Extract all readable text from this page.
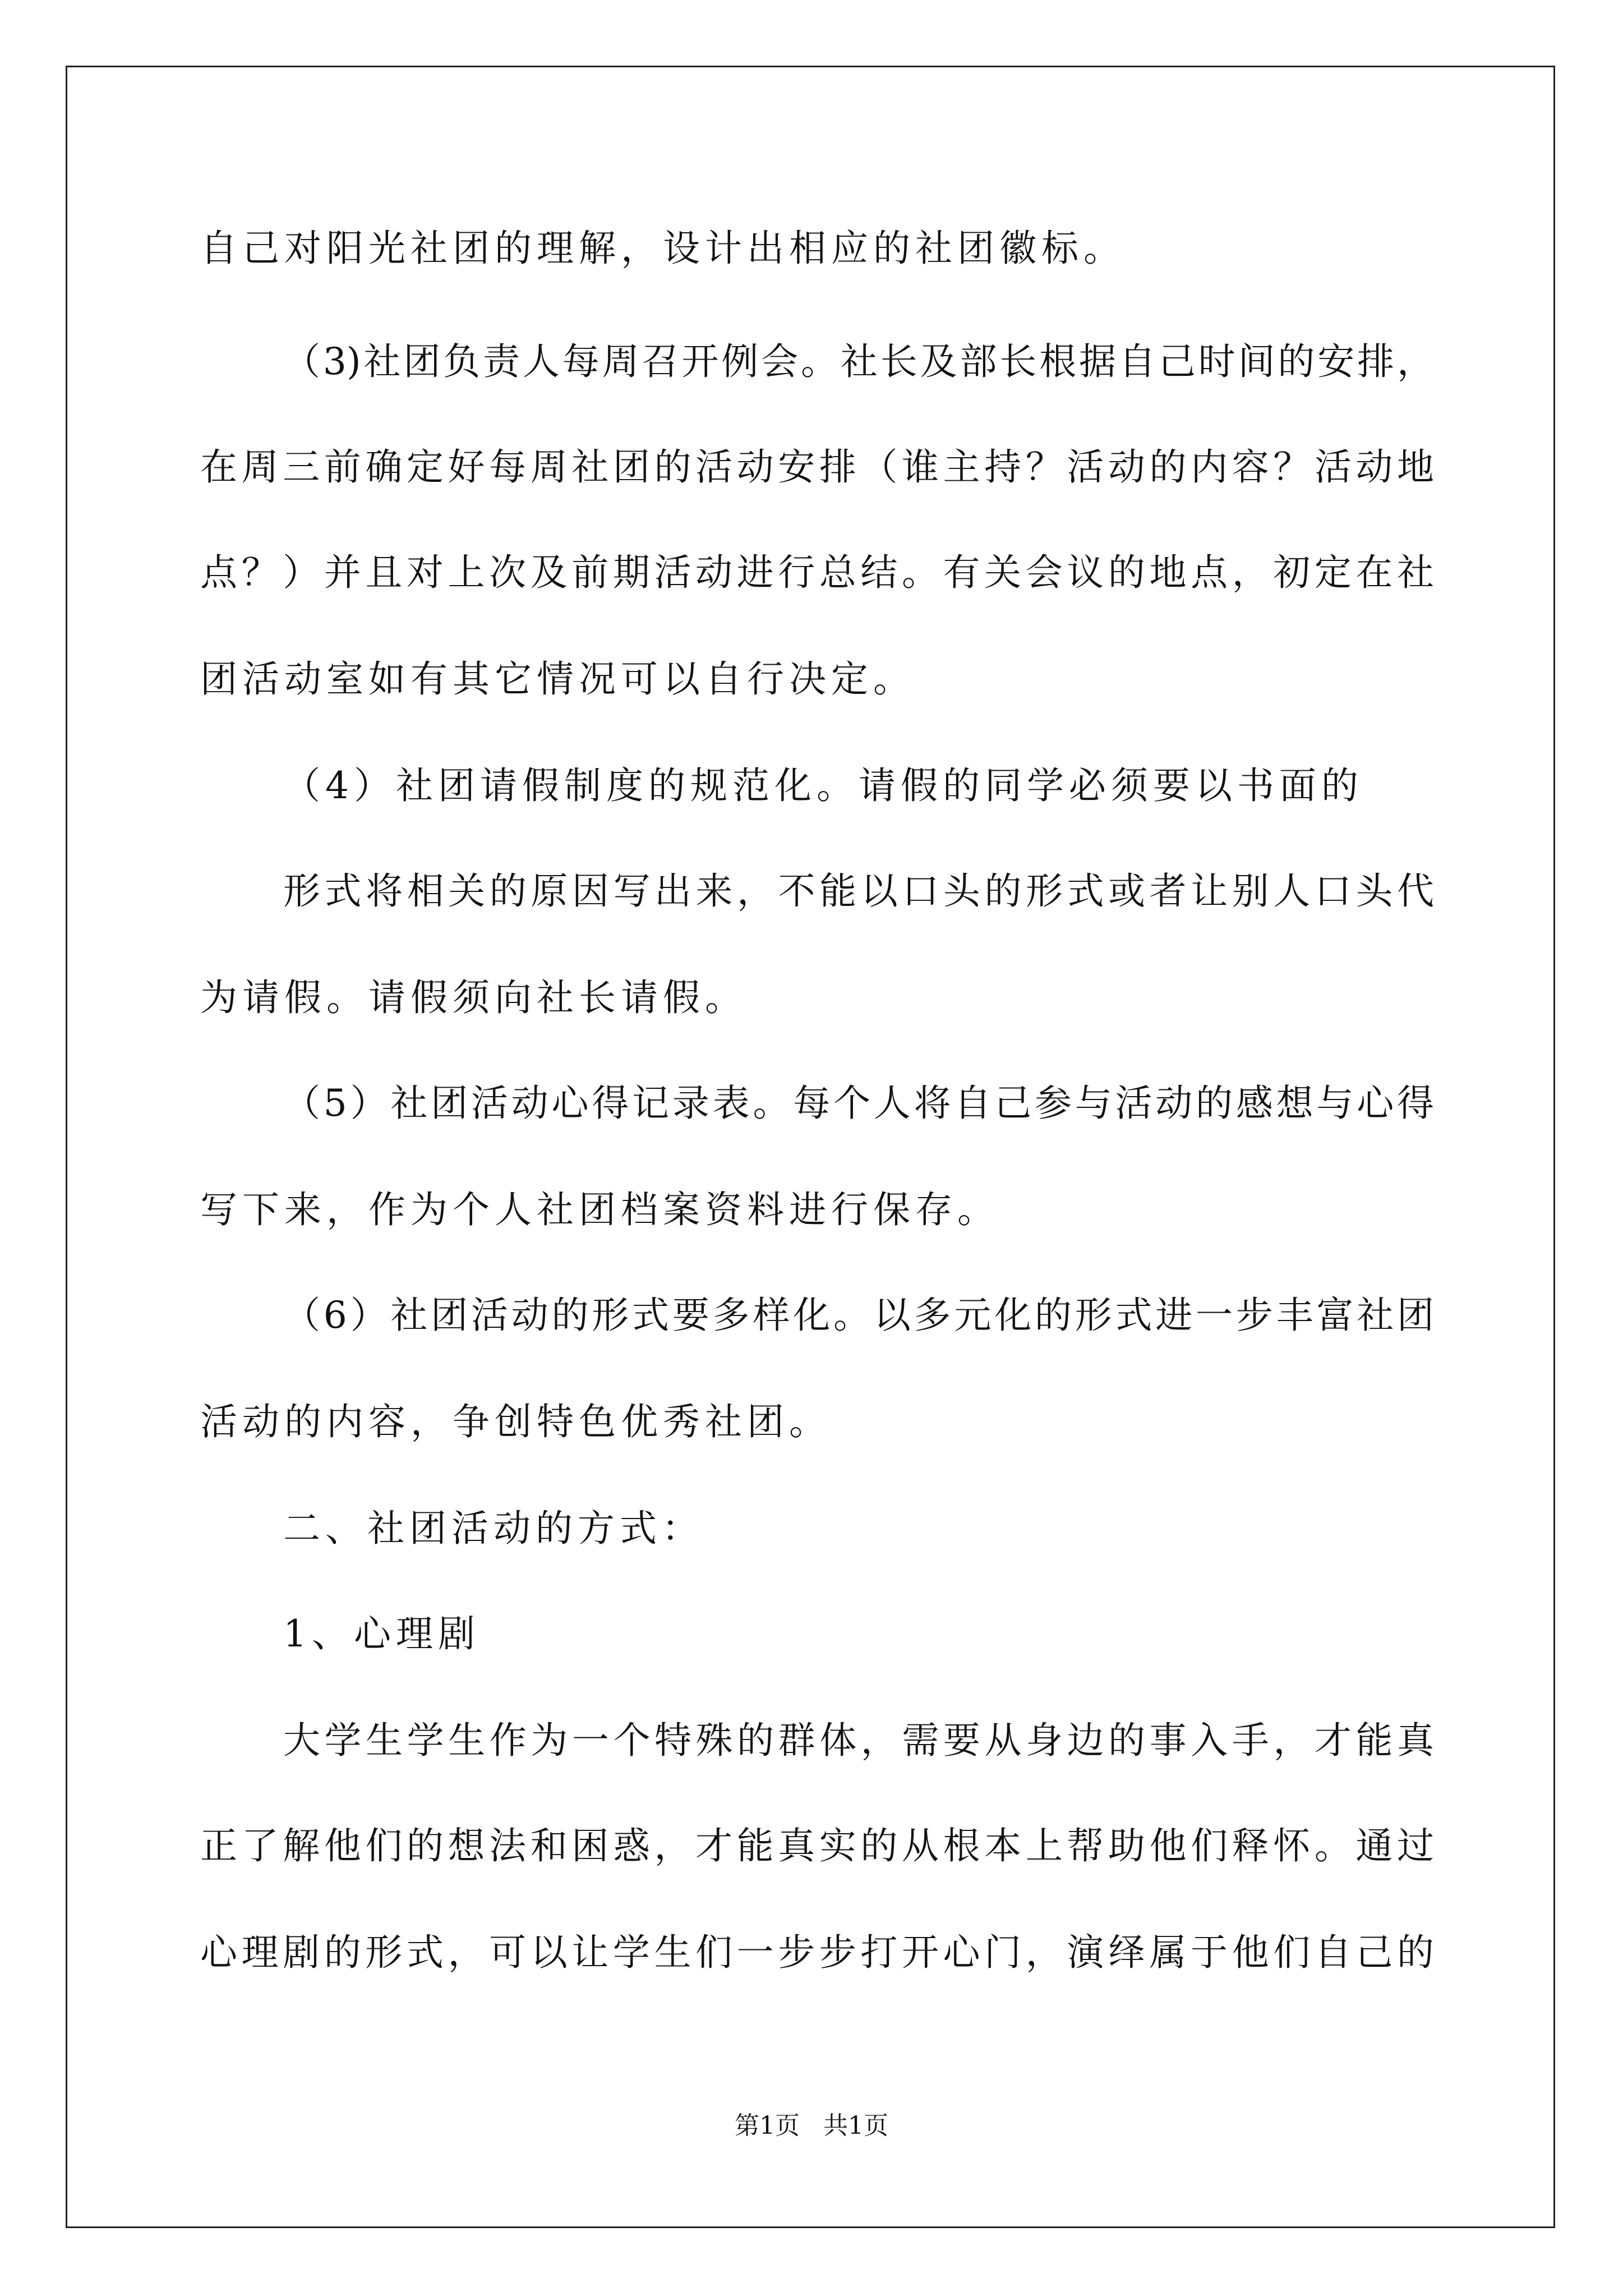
自己对阳光社团的理解，设计出相应的社团徽标。
（3)社团负责人每周召开例会。社长及部长根据自己时间的安排，
在周三前确定好每周社团的活动安排（谁主持？活动的内容？活动地
点？）并且对上次及前期活动进行总结。有关会议的地点，初定在社
团活动室如有其它情况可以自行决定。
（4）社团请假制度的规范化。请假的同学必须要以书面的
形式将相关的原因写出来，不能以口头的形式或者让别人口头代
为请假。请假须向社长请假。
（5）社团活动心得记录表。每个人将自己参与活动的感想与心得
写下来，作为个人社团档案资料进行保存。
（6）社团活动的形式要多样化。以多元化的形式进一步丰富社团
活动的内容，争创特色优秀社团。
二、社团活动的方式：
1、心理剧
大学生学生作为一个特殊的群体，需要从身边的事入手，才能真
正了解他们的想法和困惑，才能真实的从根本上帮助他们释怀。通过
心理剧的形式，可以让学生们一步步打开心门，演绎属于他们自己的
第1页   共1页
